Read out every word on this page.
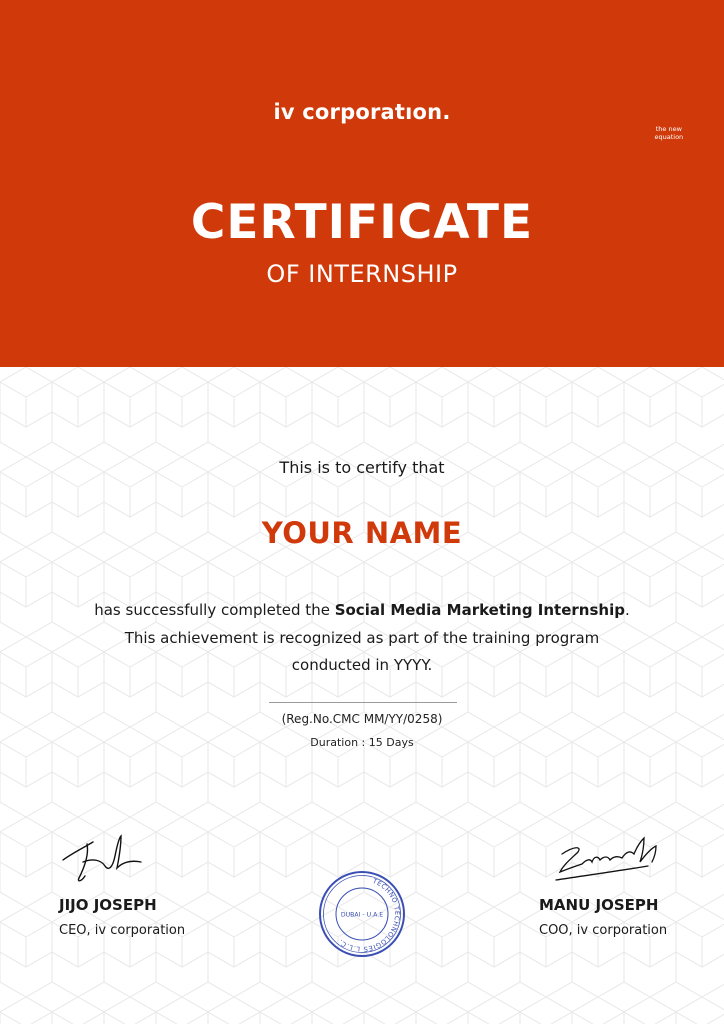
iv corporatıon.
the new equation
CERTIFICATE
OF INTERNSHIP
This is to certify that
YOUR NAME
has successfully completed the Social Media Marketing Internship.
This achievement is recognized as part of the training program
conducted in YYYY.
(Reg.No.CMC MM/YY/0258)
Duration : 15 Days
JIJO JOSEPH
CEO, iv corporation
MANU JOSEPH
COO, iv corporation
TECHNO TECHNOLOGIES L.L.C.
DUBAI - U.A.E
